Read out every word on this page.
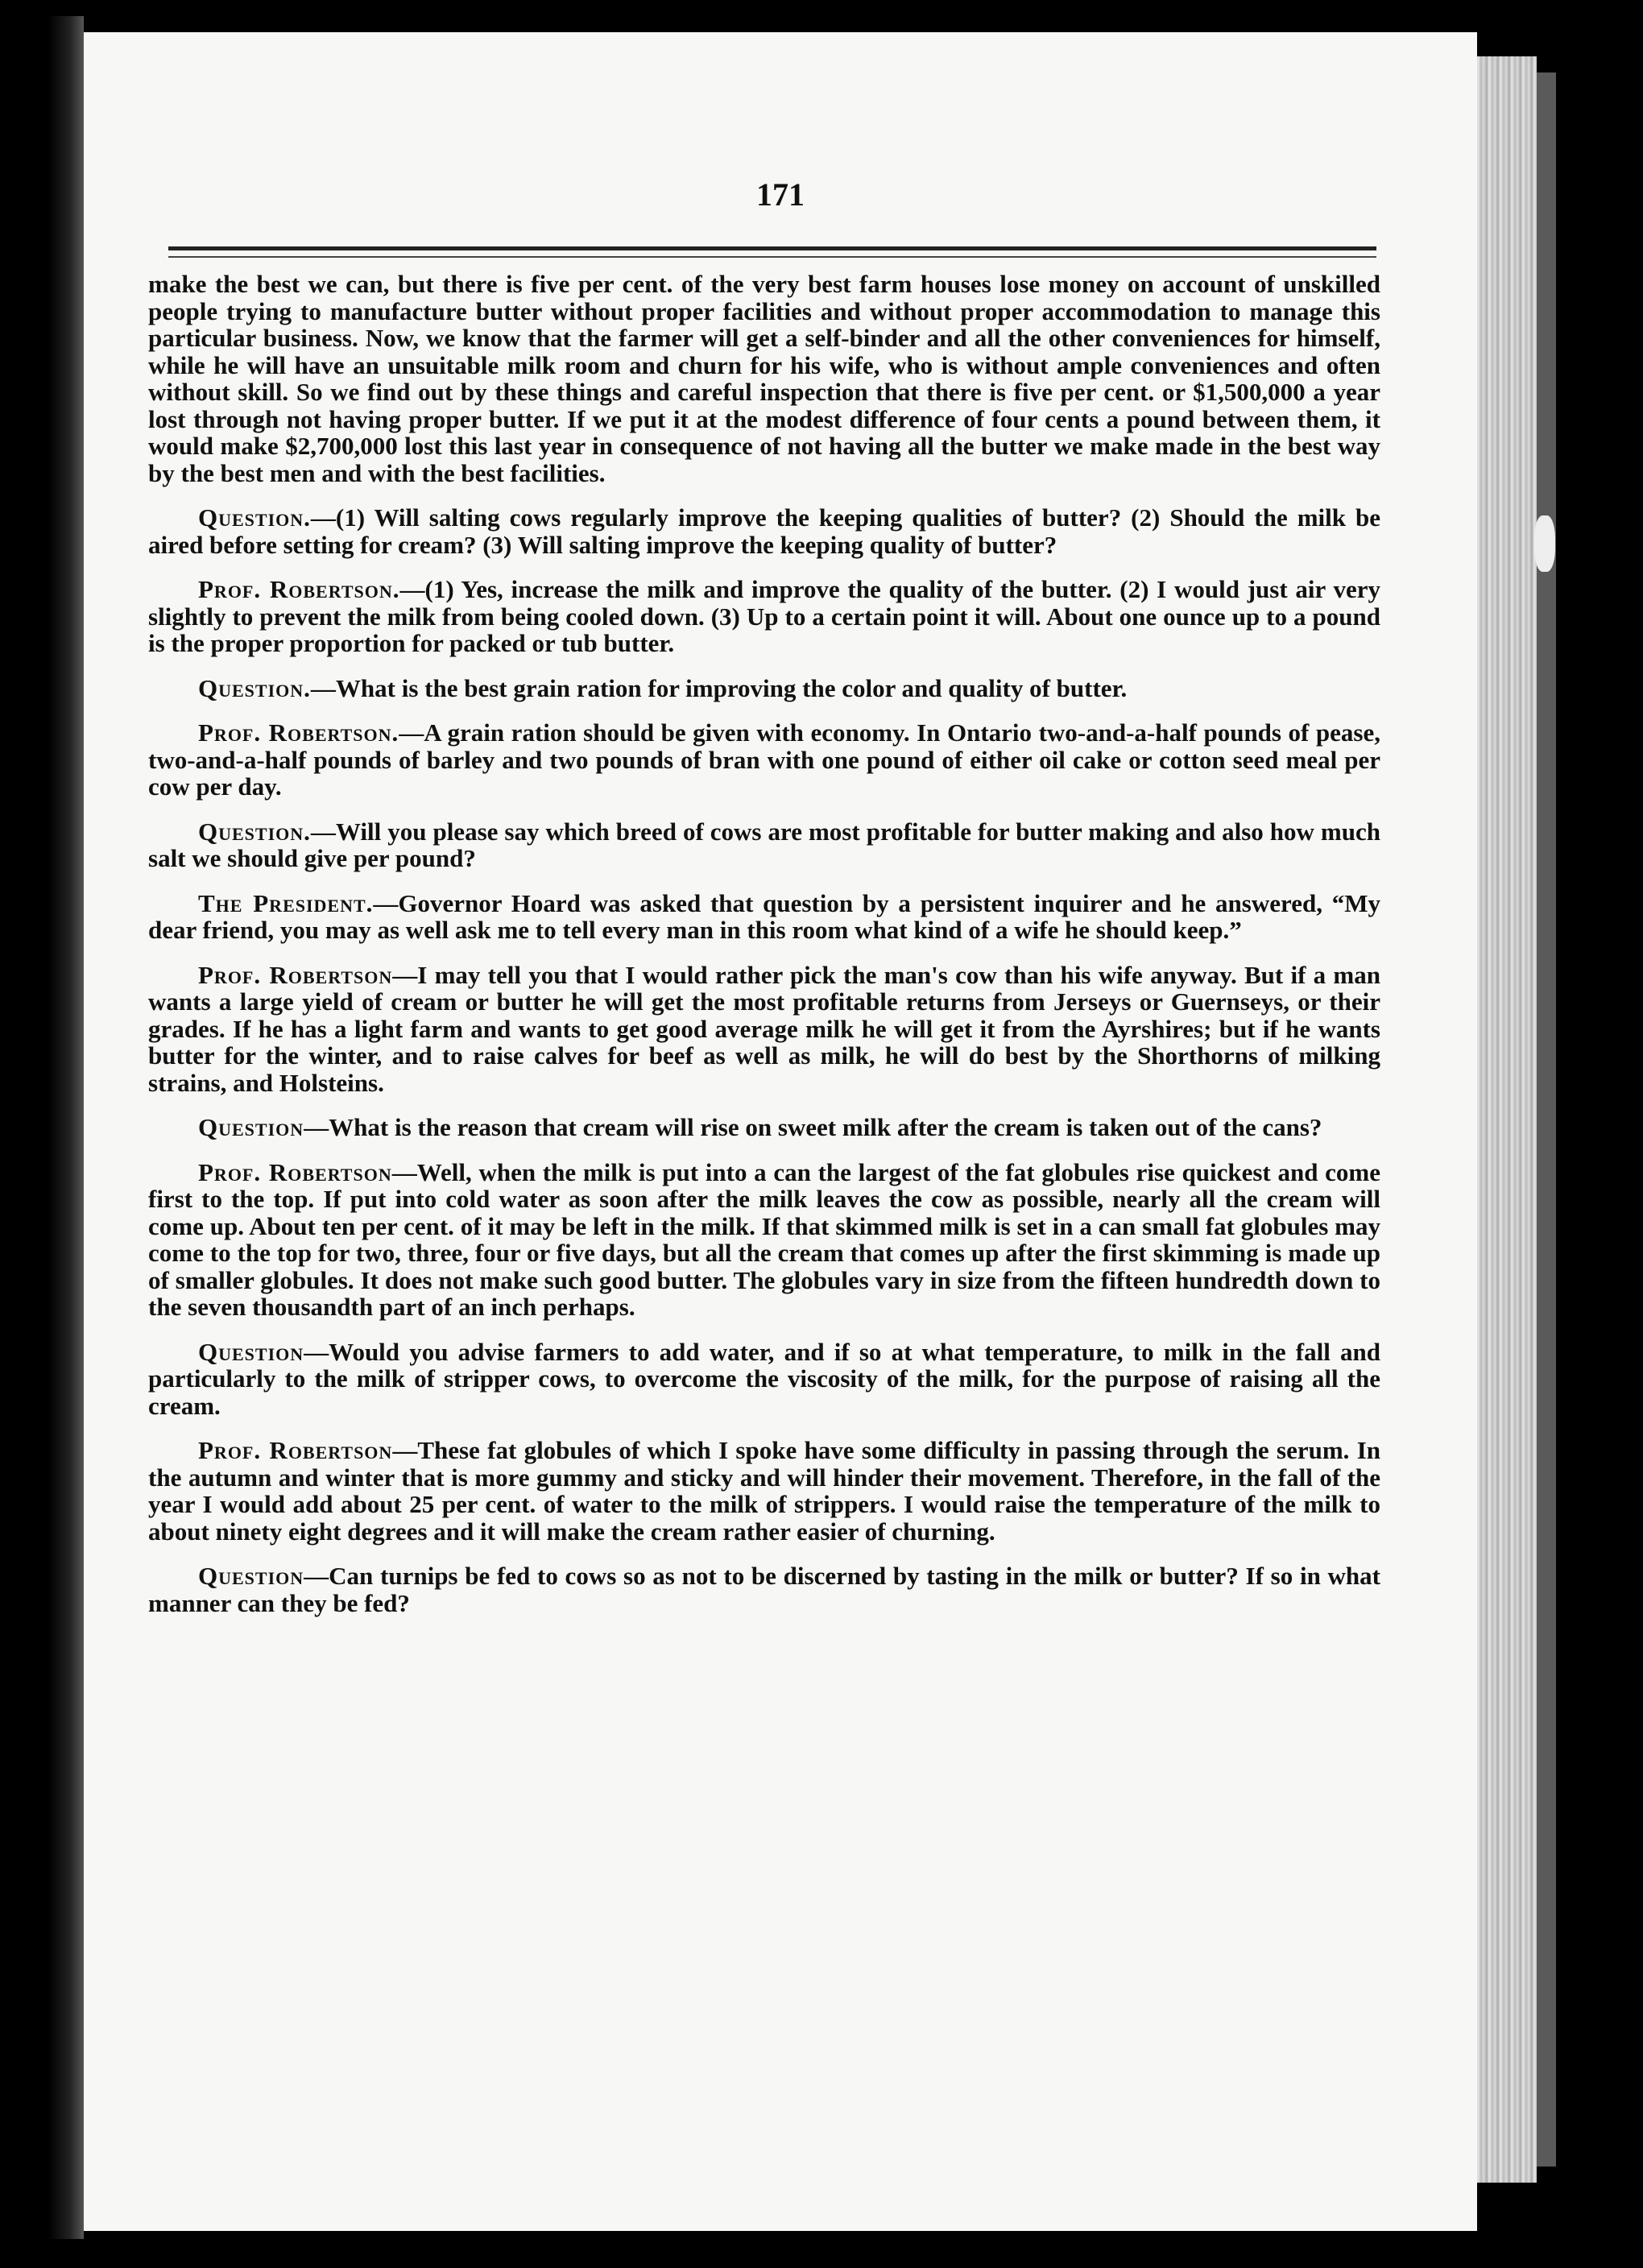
171

make the best we can, but there is five per cent. of the very best farm houses lose money on account of unskilled people trying to manufacture butter without proper facilities and without proper accommodation to manage this particular business. Now, we know that the farmer will get a self-binder and all the other conveniences for himself, while he will have an unsuitable milk room and churn for his wife, who is without ample conveniences and often without skill. So we find out by these things and careful inspection that there is five per cent. or $1,500,000 a year lost through not having proper butter. If we put it at the modest difference of four cents a pound between them, it would make $2,700,000 lost this last year in consequence of not having all the butter we make made in the best way by the best men and with the best facilities.

Question.—(1) Will salting cows regularly improve the keeping qualities of butter? (2) Should the milk be aired before setting for cream? (3) Will salting improve the keeping quality of butter?

Prof. Robertson.—(1) Yes, increase the milk and improve the quality of the butter. (2) I would just air very slightly to prevent the milk from being cooled down. (3) Up to a certain point it will. About one ounce up to a pound is the proper proportion for packed or tub butter.

Question.—What is the best grain ration for improving the color and quality of butter.

Prof. Robertson.—A grain ration should be given with economy. In Ontario two-and-a-half pounds of pease, two-and-a-half pounds of barley and two pounds of bran with one pound of either oil cake or cotton seed meal per cow per day.

Question.—Will you please say which breed of cows are most profitable for butter making and also how much salt we should give per pound?

The President.—Governor Hoard was asked that question by a persistent inquirer and he answered, “My dear friend, you may as well ask me to tell every man in this room what kind of a wife he should keep.”

Prof. Robertson—I may tell you that I would rather pick the man's cow than his wife anyway. But if a man wants a large yield of cream or butter he will get the most profitable returns from Jerseys or Guernseys, or their grades. If he has a light farm and wants to get good average milk he will get it from the Ayrshires; but if he wants butter for the winter, and to raise calves for beef as well as milk, he will do best by the Shorthorns of milking strains, and Holsteins.

Question—What is the reason that cream will rise on sweet milk after the cream is taken out of the cans?

Prof. Robertson—Well, when the milk is put into a can the largest of the fat globules rise quickest and come first to the top. If put into cold water as soon after the milk leaves the cow as possible, nearly all the cream will come up. About ten per cent. of it may be left in the milk. If that skimmed milk is set in a can small fat globules may come to the top for two, three, four or five days, but all the cream that comes up after the first skimming is made up of smaller globules. It does not make such good butter. The globules vary in size from the fifteen hundredth down to the seven thousandth part of an inch perhaps.

Question—Would you advise farmers to add water, and if so at what temperature, to milk in the fall and particularly to the milk of stripper cows, to overcome the viscosity of the milk, for the purpose of raising all the cream.

Prof. Robertson—These fat globules of which I spoke have some difficulty in passing through the serum. In the autumn and winter that is more gummy and sticky and will hinder their movement. Therefore, in the fall of the year I would add about 25 per cent. of water to the milk of strippers. I would raise the temperature of the milk to about ninety eight degrees and it will make the cream rather easier of churning.

Question—Can turnips be fed to cows so as not to be discerned by tasting in the milk or butter? If so in what manner can they be fed?
